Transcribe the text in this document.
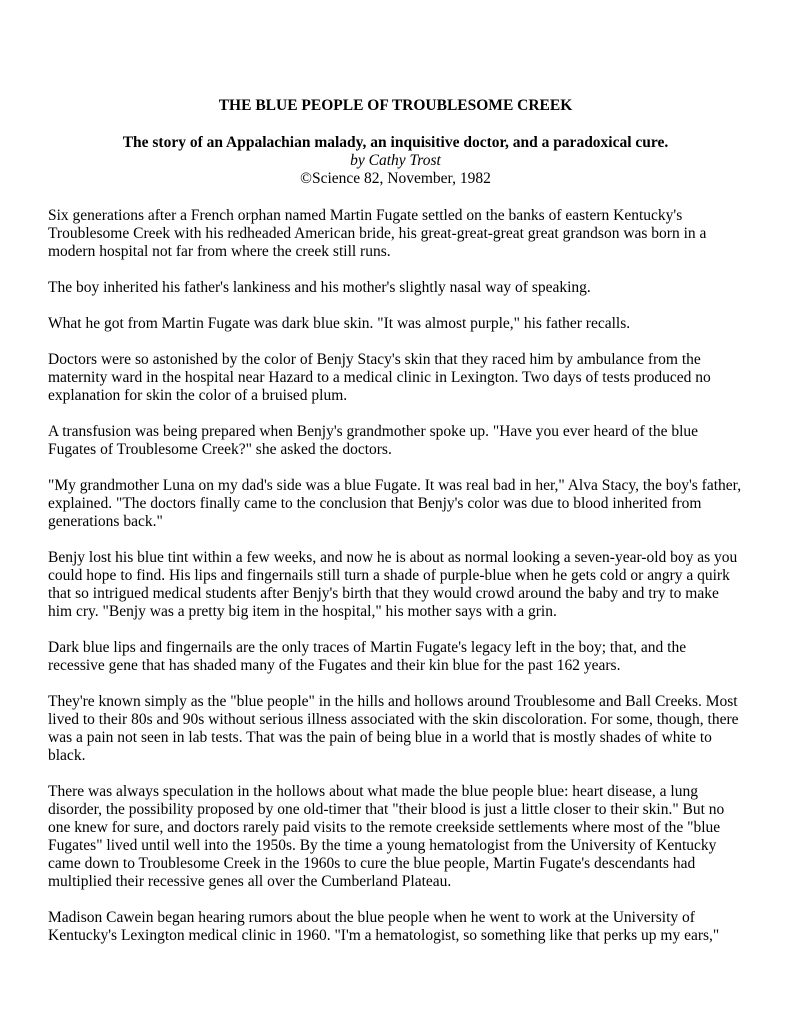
THE BLUE PEOPLE OF TROUBLESOME CREEK

The story of an Appalachian malady, an inquisitive doctor, and a paradoxical cure.

by Cathy Trost

©Science 82, November, 1982

Six generations after a French orphan named Martin Fugate settled on the banks of eastern Kentucky's Troublesome Creek with his redheaded American bride, his great-great-great great grandson was born in a modern hospital not far from where the creek still runs.

The boy inherited his father's lankiness and his mother's slightly nasal way of speaking.

What he got from Martin Fugate was dark blue skin. "It was almost purple," his father recalls.

Doctors were so astonished by the color of Benjy Stacy's skin that they raced him by ambulance from the maternity ward in the hospital near Hazard to a medical clinic in Lexington. Two days of tests produced no explanation for skin the color of a bruised plum.

A transfusion was being prepared when Benjy's grandmother spoke up. "Have you ever heard of the blue Fugates of Troublesome Creek?" she asked the doctors.

"My grandmother Luna on my dad's side was a blue Fugate. It was real bad in her," Alva Stacy, the boy's father, explained. "The doctors finally came to the conclusion that Benjy's color was due to blood inherited from generations back."

Benjy lost his blue tint within a few weeks, and now he is about as normal looking a seven-year-old boy as you could hope to find. His lips and fingernails still turn a shade of purple-blue when he gets cold or angry a quirk that so intrigued medical students after Benjy's birth that they would crowd around the baby and try to make him cry. "Benjy was a pretty big item in the hospital," his mother says with a grin.

Dark blue lips and fingernails are the only traces of Martin Fugate's legacy left in the boy; that, and the recessive gene that has shaded many of the Fugates and their kin blue for the past 162 years.

They're known simply as the "blue people" in the hills and hollows around Troublesome and Ball Creeks. Most lived to their 80s and 90s without serious illness associated with the skin discoloration. For some, though, there was a pain not seen in lab tests. That was the pain of being blue in a world that is mostly shades of white to black.

There was always speculation in the hollows about what made the blue people blue: heart disease, a lung disorder, the possibility proposed by one old-timer that "their blood is just a little closer to their skin." But no one knew for sure, and doctors rarely paid visits to the remote creekside settlements where most of the "blue Fugates" lived until well into the 1950s. By the time a young hematologist from the University of Kentucky came down to Troublesome Creek in the 1960s to cure the blue people, Martin Fugate's descendants had multiplied their recessive genes all over the Cumberland Plateau.

Madison Cawein began hearing rumors about the blue people when he went to work at the University of Kentucky's Lexington medical clinic in 1960. "I'm a hematologist, so something like that perks up my ears,"
